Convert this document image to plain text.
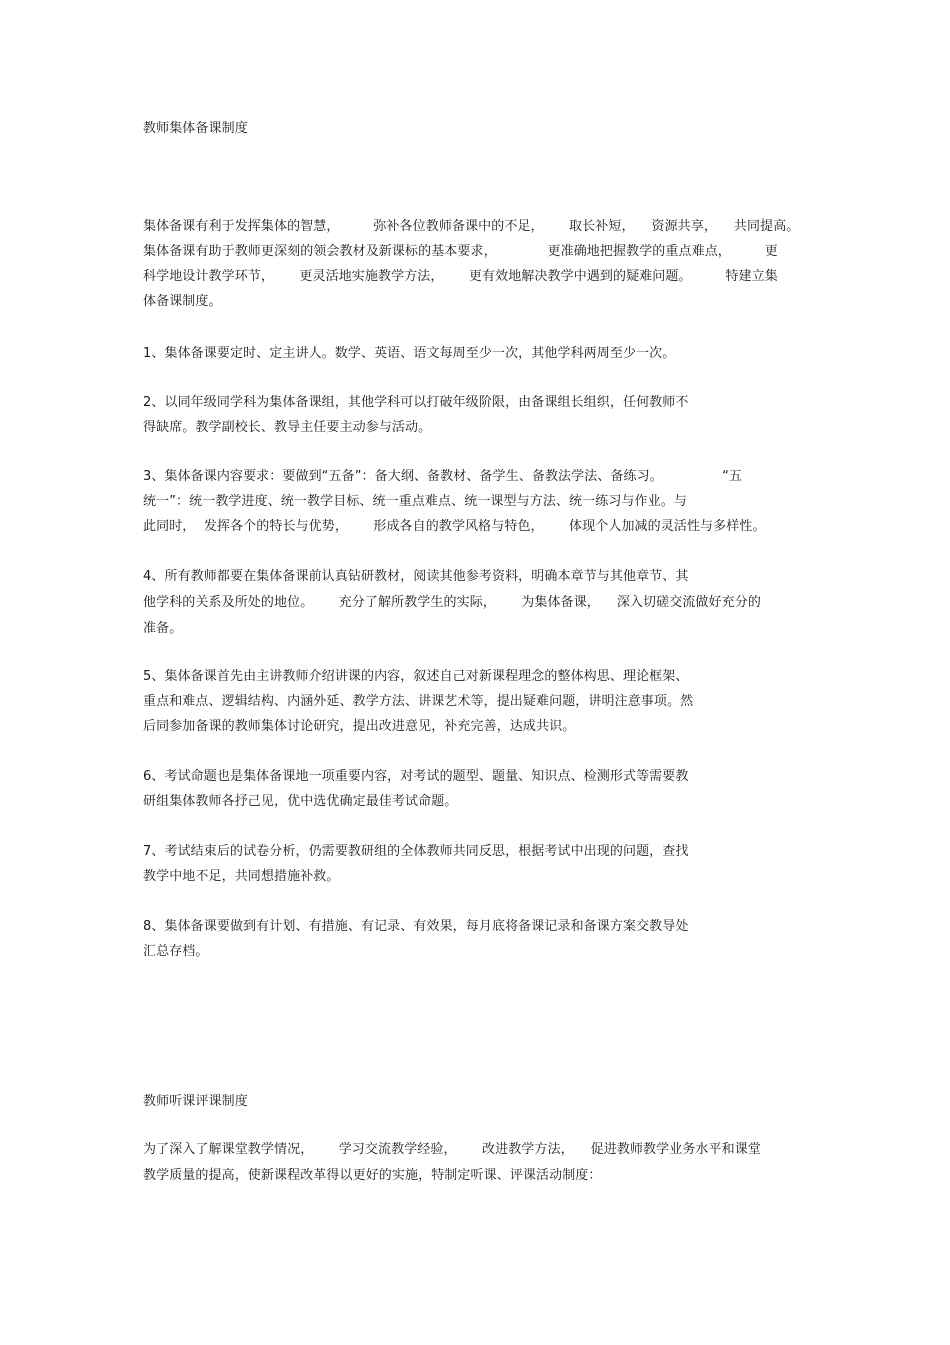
教师集体备课制度
集体备课有利于发挥集体的智慧，        弥补各位教师备课中的不足，      取长补短，    资源共享，    共同提高。
集体备课有助于教师更深刻的领会教材及新课标的基本要求，            更准确地把握教学的重点难点，        更
科学地设计教学环节，      更灵活地实施教学方法，      更有效地解决教学中遇到的疑难问题。        特建立集
体备课制度。
1、集体备课要定时、定主讲人。数学、英语、语文每周至少一次，其他学科两周至少一次。
2、以同年级同学科为集体备课组，其他学科可以打破年级阶限，由备课组长组织，任何教师不
得缺席。教学副校长、教导主任要主动参与活动。
3、集体备课内容要求：要做到“五备”：备大纲、备教材、备学生、备教法学法、备练习。              “五
统一”：统一教学进度、统一教学目标、统一重点难点、统一课型与方法、统一练习与作业。与
此同时，  发挥各个的特长与优势，      形成各自的教学风格与特色，      体现个人加减的灵活性与多样性。
4、所有教师都要在集体备课前认真钻研教材，阅读其他参考资料，明确本章节与其他章节、其
他学科的关系及所处的地位。      充分了解所教学生的实际，      为集体备课，    深入切磋交流做好充分的
准备。
5、集体备课首先由主讲教师介绍讲课的内容，叙述自己对新课程理念的整体构思、理论框架、
重点和难点、逻辑结构、内涵外延、教学方法、讲课艺术等，提出疑难问题，讲明注意事项。然
后同参加备课的教师集体讨论研究，提出改进意见，补充完善，达成共识。
6、考试命题也是集体备课地一项重要内容，对考试的题型、题量、知识点、检测形式等需要教
研组集体教师各抒己见，优中选优确定最佳考试命题。
7、考试结束后的试卷分析，仍需要教研组的全体教师共同反思，根据考试中出现的问题，查找
教学中地不足，共同想措施补救。
8、集体备课要做到有计划、有措施、有记录、有效果，每月底将备课记录和备课方案交教导处
汇总存档。
教师听课评课制度
为了深入了解课堂教学情况，      学习交流教学经验，      改进教学方法，    促进教师教学业务水平和课堂
教学质量的提高，使新课程改革得以更好的实施，特制定听课、评课活动制度：
